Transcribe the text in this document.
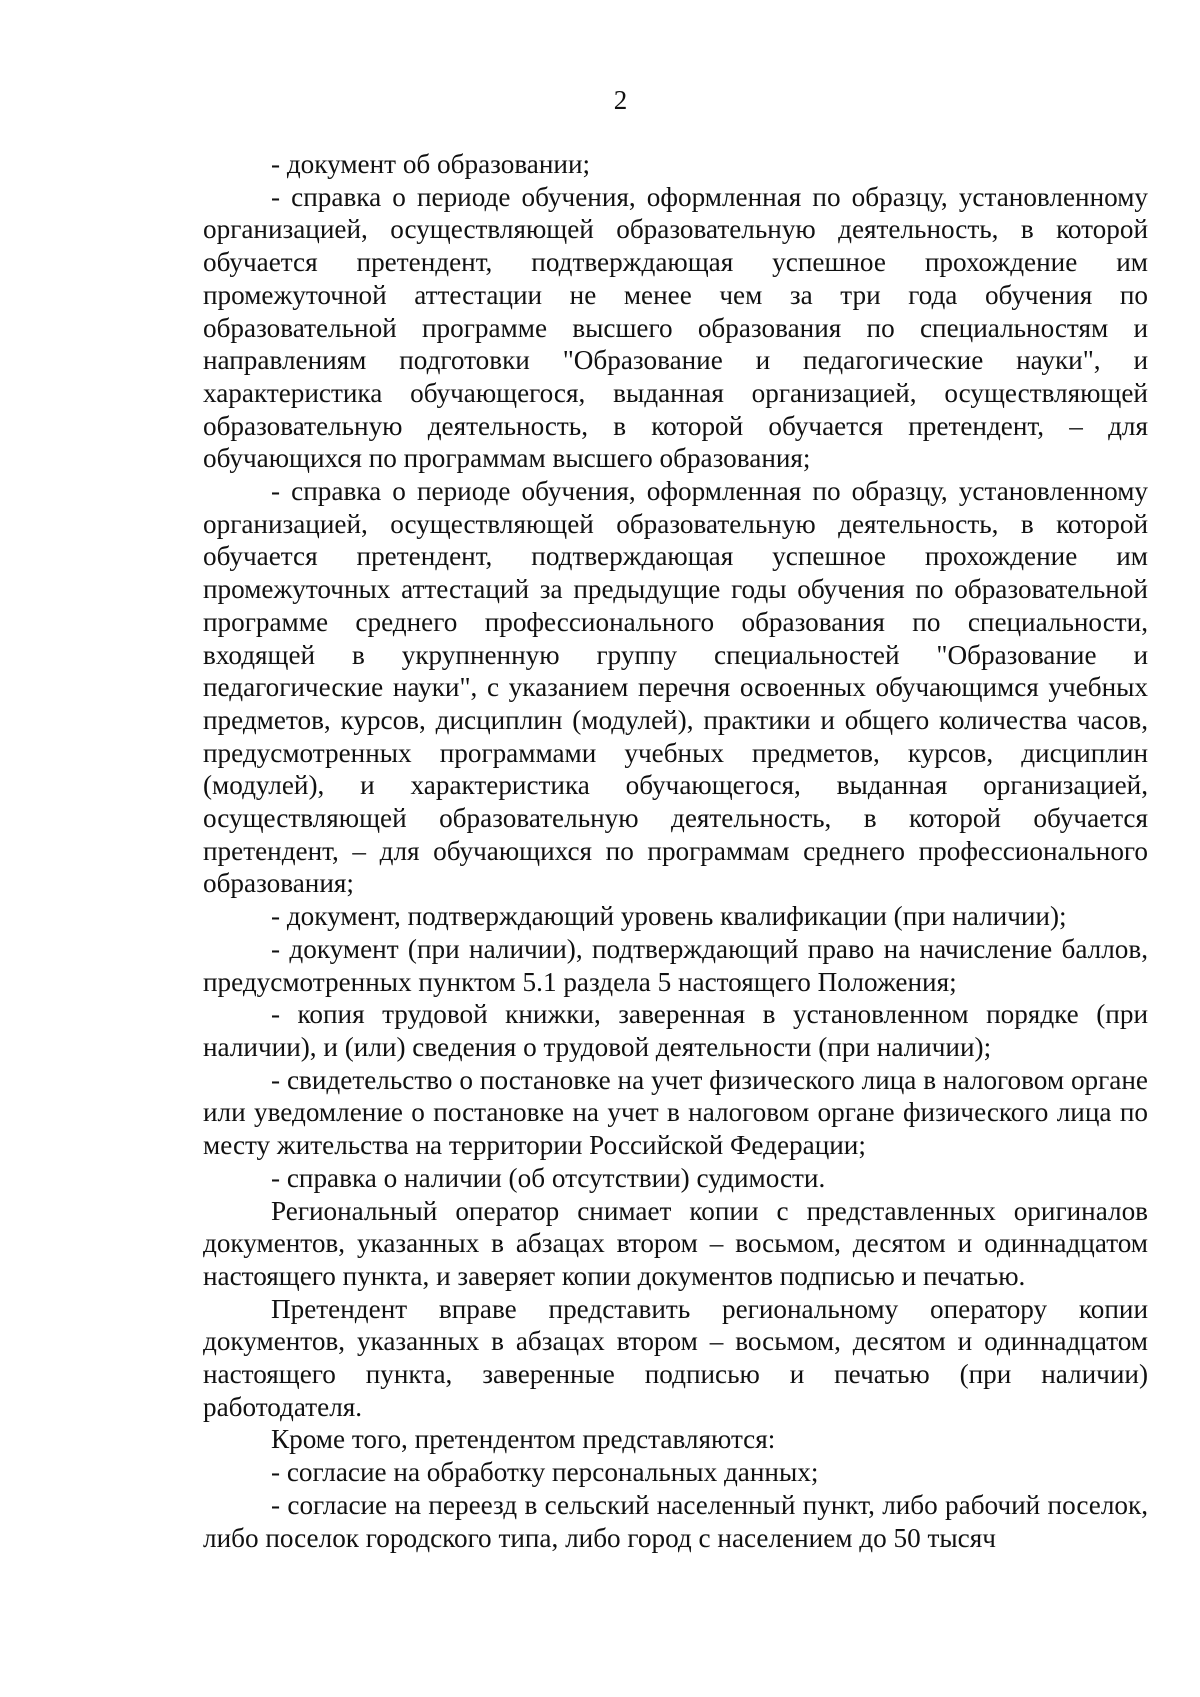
2

- документ об образовании;

- справка о периоде обучения, оформленная по образцу, установленному организацией, осуществляющей образовательную деятельность, в которой обучается претендент, подтверждающая успешное прохождение им промежуточной аттестации не менее чем за три года обучения по образовательной программе высшего образования по специальностям и направлениям подготовки "Образование и педагогические науки", и характеристика обучающегося, выданная организацией, осуществляющей образовательную деятельность, в которой обучается претендент, – для обучающихся по программам высшего образования;

- справка о периоде обучения, оформленная по образцу, установленному организацией, осуществляющей образовательную деятельность, в которой обучается претендент, подтверждающая успешное прохождение им промежуточных аттестаций за предыдущие годы обучения по образовательной программе среднего профессионального образования по специальности, входящей в укрупненную группу специальностей "Образование и педагогические науки", с указанием перечня освоенных обучающимся учебных предметов, курсов, дисциплин (модулей), практики и общего количества часов, предусмотренных программами учебных предметов, курсов, дисциплин (модулей), и характеристика обучающегося, выданная организацией, осуществляющей образовательную деятельность, в которой обучается претендент, – для обучающихся по программам среднего профессионального образования;

- документ, подтверждающий уровень квалификации (при наличии);

- документ (при наличии), подтверждающий право на начисление баллов, предусмотренных пунктом 5.1 раздела 5 настоящего Положения;

- копия трудовой книжки, заверенная в установленном порядке (при наличии), и (или) сведения о трудовой деятельности (при наличии);

- свидетельство о постановке на учет физического лица в налоговом органе или уведомление о постановке на учет в налоговом органе физического лица по месту жительства на территории Российской Федерации;

- справка о наличии (об отсутствии) судимости.

Региональный оператор снимает копии с представленных оригиналов документов, указанных в абзацах втором – восьмом, десятом и одиннадцатом настоящего пункта, и заверяет копии документов подписью и печатью.

Претендент вправе представить региональному оператору копии документов, указанных в абзацах втором – восьмом, десятом и одиннадцатом настоящего пункта, заверенные подписью и печатью (при наличии) работодателя.

Кроме того, претендентом представляются:

- согласие на обработку персональных данных;

- согласие на переезд в сельский населенный пункт, либо рабочий поселок, либо поселок городского типа, либо город с населением до 50 тысяч
